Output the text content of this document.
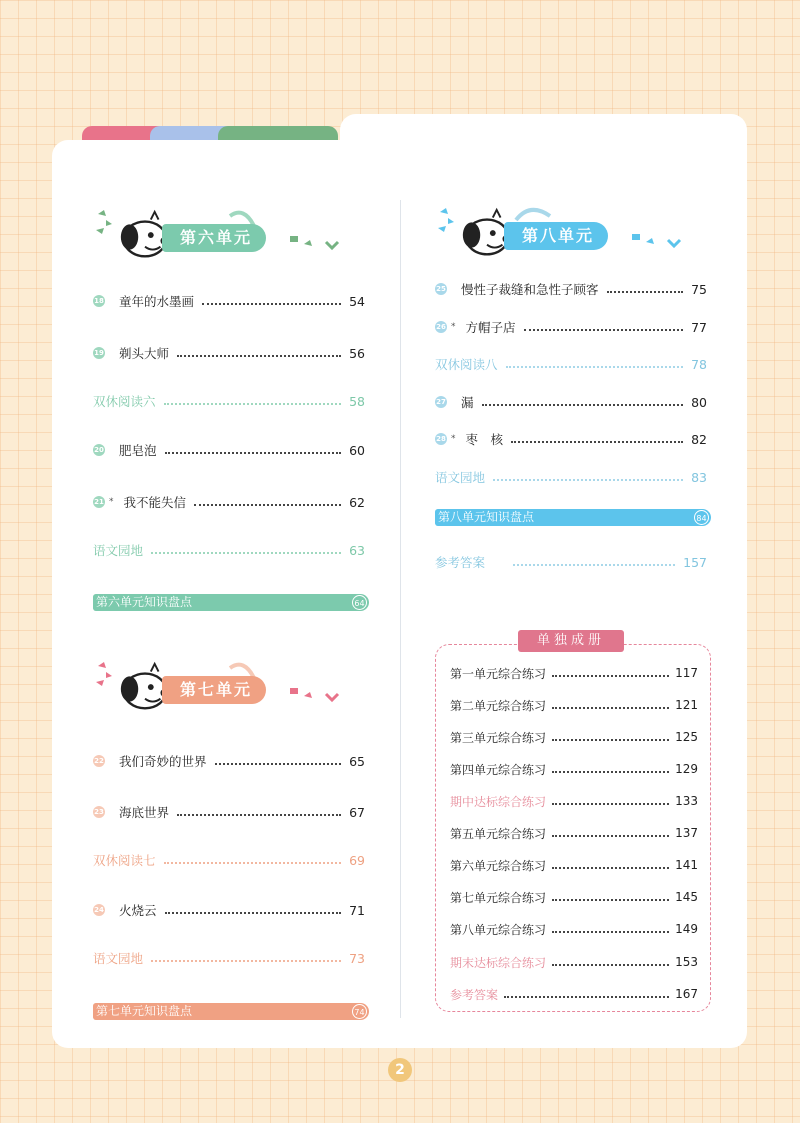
第六单元
18 童年的水墨画	54
19 剃头大师	56
双休阅读六	58
20 肥皂泡	60
21 * 我不能失信	62
语文园地	63
第六单元知识盘点	64
第七单元
22 我们奇妙的世界	65
23 海底世界	67
双休阅读七	69
24 火烧云	71
语文园地	73
第七单元知识盘点	74
第八单元
25 慢性子裁缝和急性子顾客	75
26 * 方帽子店	77
双休阅读八	78
27 漏	80
28 * 枣　核	82
语文园地	83
第八单元知识盘点	84
参考答案	157
单独成册
第一单元综合练习	117
第二单元综合练习	121
第三单元综合练习	125
第四单元综合练习	129
期中达标综合练习	133
第五单元综合练习	137
第六单元综合练习	141
第七单元综合练习	145
第八单元综合练习	149
期末达标综合练习	153
参考答案	167
2
